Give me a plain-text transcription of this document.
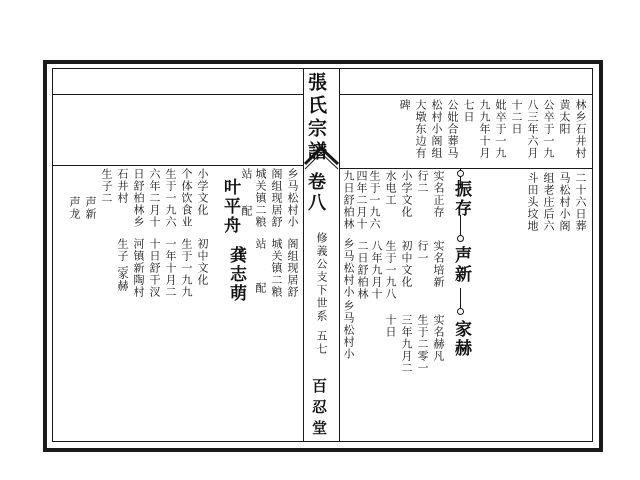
張氏宗譜
卷八
修義公支下世系
五七
百忍堂
林乡石井村
黄太阳
公卒于一九
八三年六月
十二日
妣卒于一九
九九年十月
七日
公妣合葬马
松村小阁组
大墩东边有
碑
二十六日葬
马松村小阁
组老庄后六
斗田头坟地
振存
实名正存
行二
小学文化
水电工
生于一九六
四年二月十
九日舒柏林
乡马松村小	声新
实名培新
行一
初中文化
生于一九八
八年九月十
二日舒柏林
乡马松村小	家赫
实名赫凡
生于二零一
三年九月二
十日
乡马松村小
阁组现居舒
城关镇二粮
站
配
叶平舟
小学文化
个体饮食业
生于一九六
六年二月十
日舒柏林乡
石井村
生子二
声新
声龙
阁组现居舒
城关镇二粮
站
配
龚志萌
初中文化
生于一九九
一年十月二
十日舒干汊
河镇新陶村
生子一
家赫
